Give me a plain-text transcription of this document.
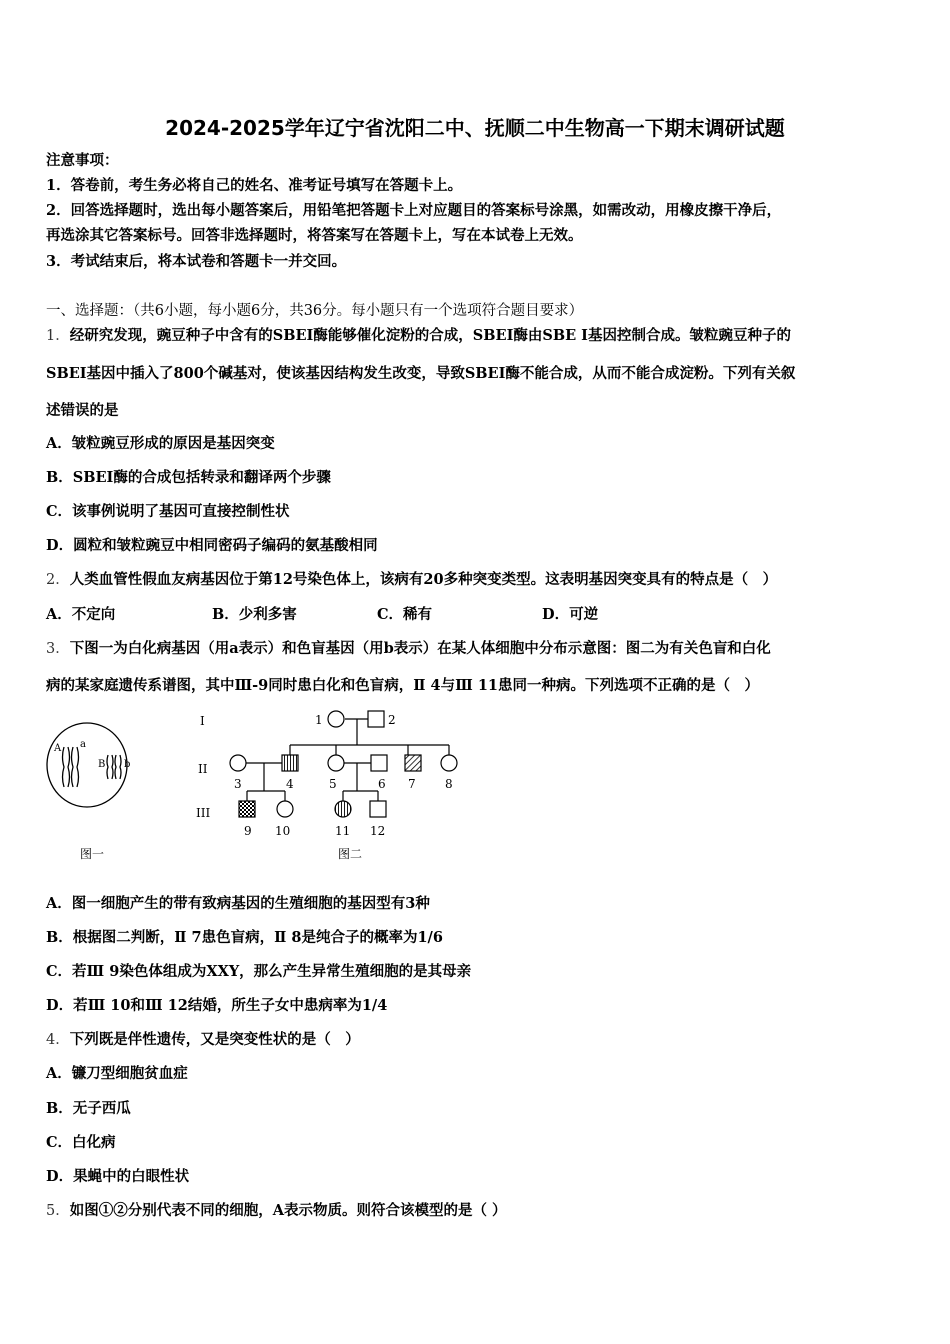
2024-2025学年辽宁省沈阳二中、抚顺二中生物高一下期末调研试题
注意事项：
1．答卷前，考生务必将自己的姓名、准考证号填写在答题卡上。
2．回答选择题时，选出每小题答案后，用铅笔把答题卡上对应题目的答案标号涂黑，如需改动，用橡皮擦干净后，
再选涂其它答案标号。回答非选择题时，将答案写在答题卡上，写在本试卷上无效。
3．考试结束后，将本试卷和答题卡一并交回。
一、选择题：（共6小题，每小题6分，共36分。每小题只有一个选项符合题目要求）
1．经研究发现，豌豆种子中含有的SBEI酶能够催化淀粉的合成，SBEI酶由SBE I基因控制合成。皱粒豌豆种子的
SBEI基因中插入了800个碱基对，使该基因结构发生改变，导致SBEI酶不能合成，从而不能合成淀粉。下列有关叙
述错误的是
A．皱粒豌豆形成的原因是基因突变
B．SBEI酶的合成包括转录和翻译两个步骤
C．该事例说明了基因可直接控制性状
D．圆粒和皱粒豌豆中相同密码子编码的氨基酸相同
2．人类血管性假血友病基因位于第12号染色体上，该病有20多种突变类型。这表明基因突变具有的特点是（　）
A．不定向	B．少利多害	C．稀有	D．可逆
3．下图一为白化病基因（用a表示）和色盲基因（用b表示）在某人体细胞中分布示意图：图二为有关色盲和白化
病的某家庭遗传系谱图，其中Ⅲ-9同时患白化和色盲病，Ⅱ 4与Ⅲ 11患同一种病。下列选项不正确的是（　）
A a
B b
图一
I
II
III
1	2
3	4	5	6 7 8
9 10	11 12
图二
A．图一细胞产生的带有致病基因的生殖细胞的基因型有3种
B．根据图二判断，Ⅱ 7患色盲病，Ⅱ 8是纯合子的概率为1/6
C．若Ⅲ 9染色体组成为XXY，那么产生异常生殖细胞的是其母亲
D．若Ⅲ 10和Ⅲ 12结婚，所生子女中患病率为1/4
4．下列既是伴性遗传，又是突变性状的是（　）
A．镰刀型细胞贫血症
B．无子西瓜
C．白化病
D．果蝇中的白眼性状
5．如图①②分别代表不同的细胞，A表示物质。则符合该模型的是（ ）
